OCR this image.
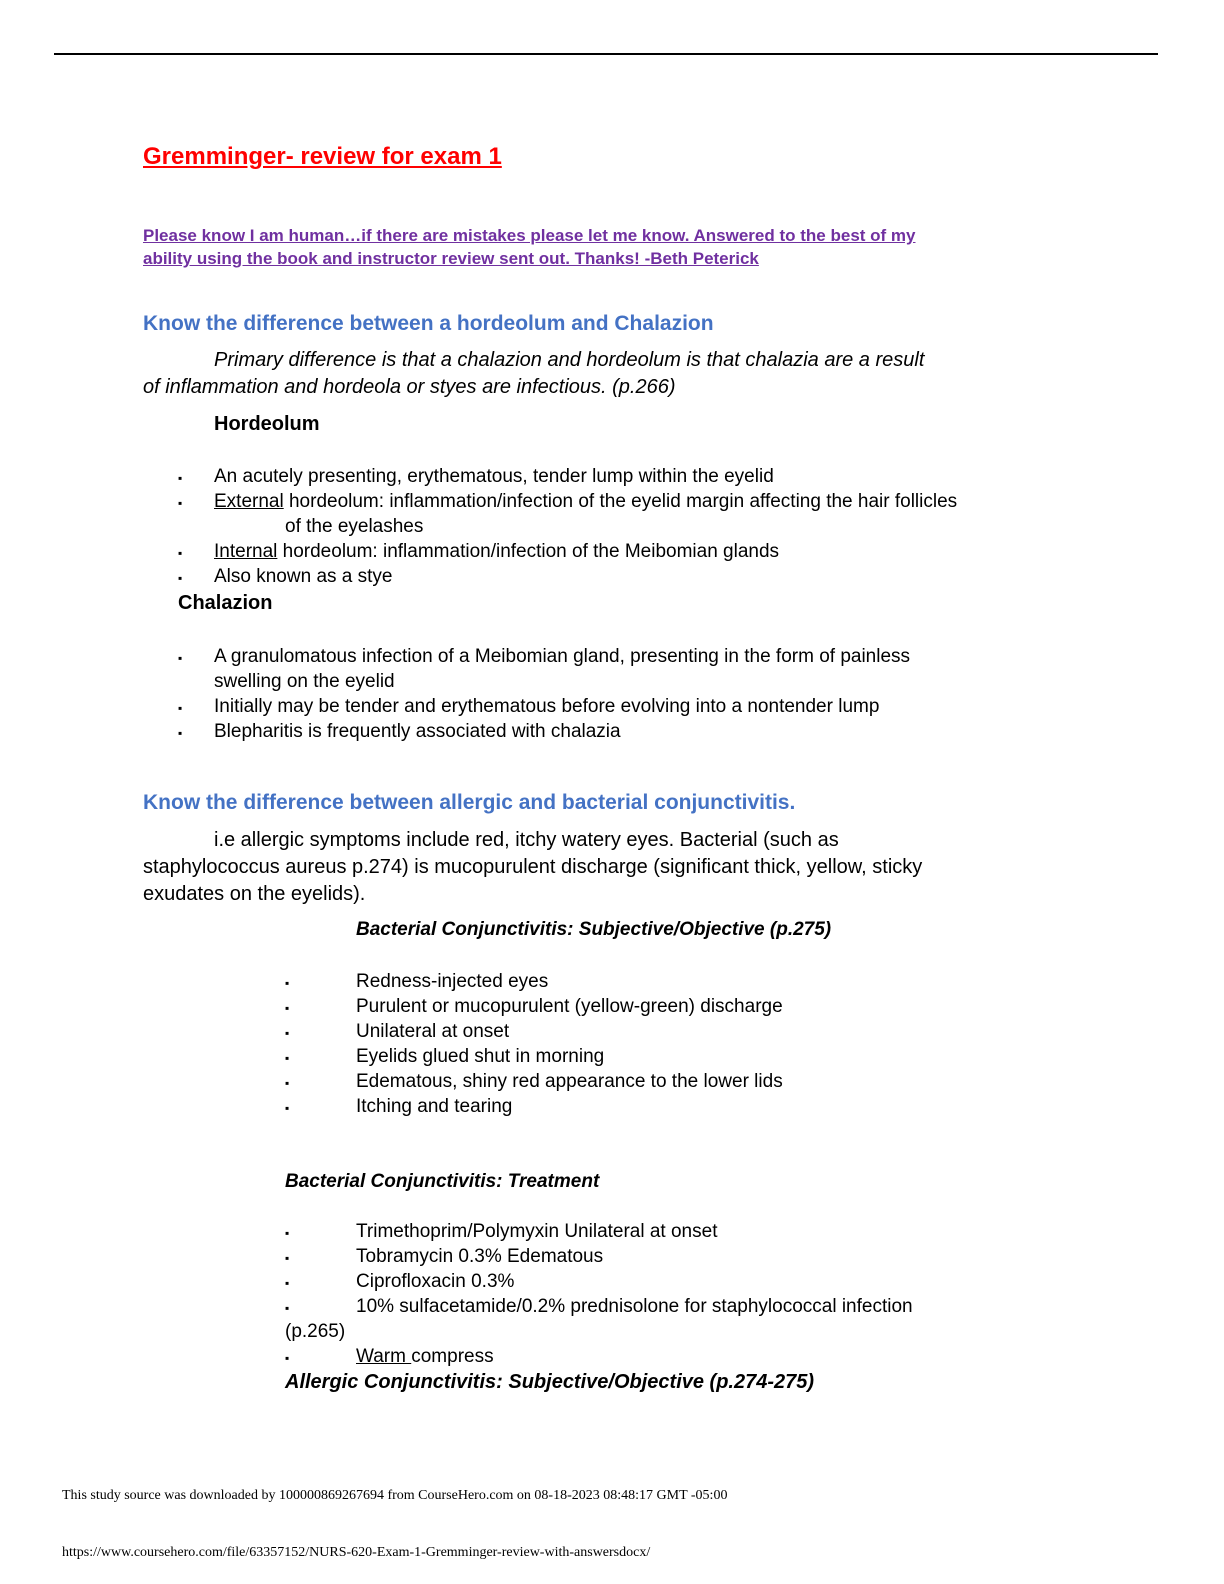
Gremminger- review for exam 1
Please know I am human…if there are mistakes please let me know. Answered to the best of my
ability using the book and instructor review sent out. Thanks! -Beth Peterick
Know the difference between a hordeolum and Chalazion
Primary difference is that a chalazion and hordeolum is that chalazia are a result
of inflammation and hordeola or styes are infectious. (p.266)
Hordeolum
▪ An acutely presenting, erythematous, tender lump within the eyelid
▪ External hordeolum: inflammation/infection of the eyelid margin affecting the hair follicles
of the eyelashes
▪ Internal hordeolum: inflammation/infection of the Meibomian glands
▪ Also known as a stye
Chalazion
▪ A granulomatous infection of a Meibomian gland, presenting in the form of painless
swelling on the eyelid
▪ Initially may be tender and erythematous before evolving into a nontender lump
▪ Blepharitis is frequently associated with chalazia
Know the difference between allergic and bacterial conjunctivitis.
i.e allergic symptoms include red, itchy watery eyes. Bacterial (such as
staphylococcus aureus p.274) is mucopurulent discharge (significant thick, yellow, sticky
exudates on the eyelids).
Bacterial Conjunctivitis: Subjective/Objective (p.275)
▪	Redness-injected eyes
▪	Purulent or mucopurulent (yellow-green) discharge
▪	Unilateral at onset
▪	Eyelids glued shut in morning
▪	Edematous, shiny red appearance to the lower lids
▪	Itching and tearing
Bacterial Conjunctivitis: Treatment
▪	Trimethoprim/Polymyxin Unilateral at onset
▪	Tobramycin 0.3% Edematous
▪	Ciprofloxacin 0.3%
▪	10% sulfacetamide/0.2% prednisolone for staphylococcal infection
(p.265)
▪	Warm compress
Allergic Conjunctivitis: Subjective/Objective (p.274-275)
This study source was downloaded by 100000869267694 from CourseHero.com on 08-18-2023 08:48:17 GMT -05:00
https://www.coursehero.com/file/63357152/NURS-620-Exam-1-Gremminger-review-with-answersdocx/
